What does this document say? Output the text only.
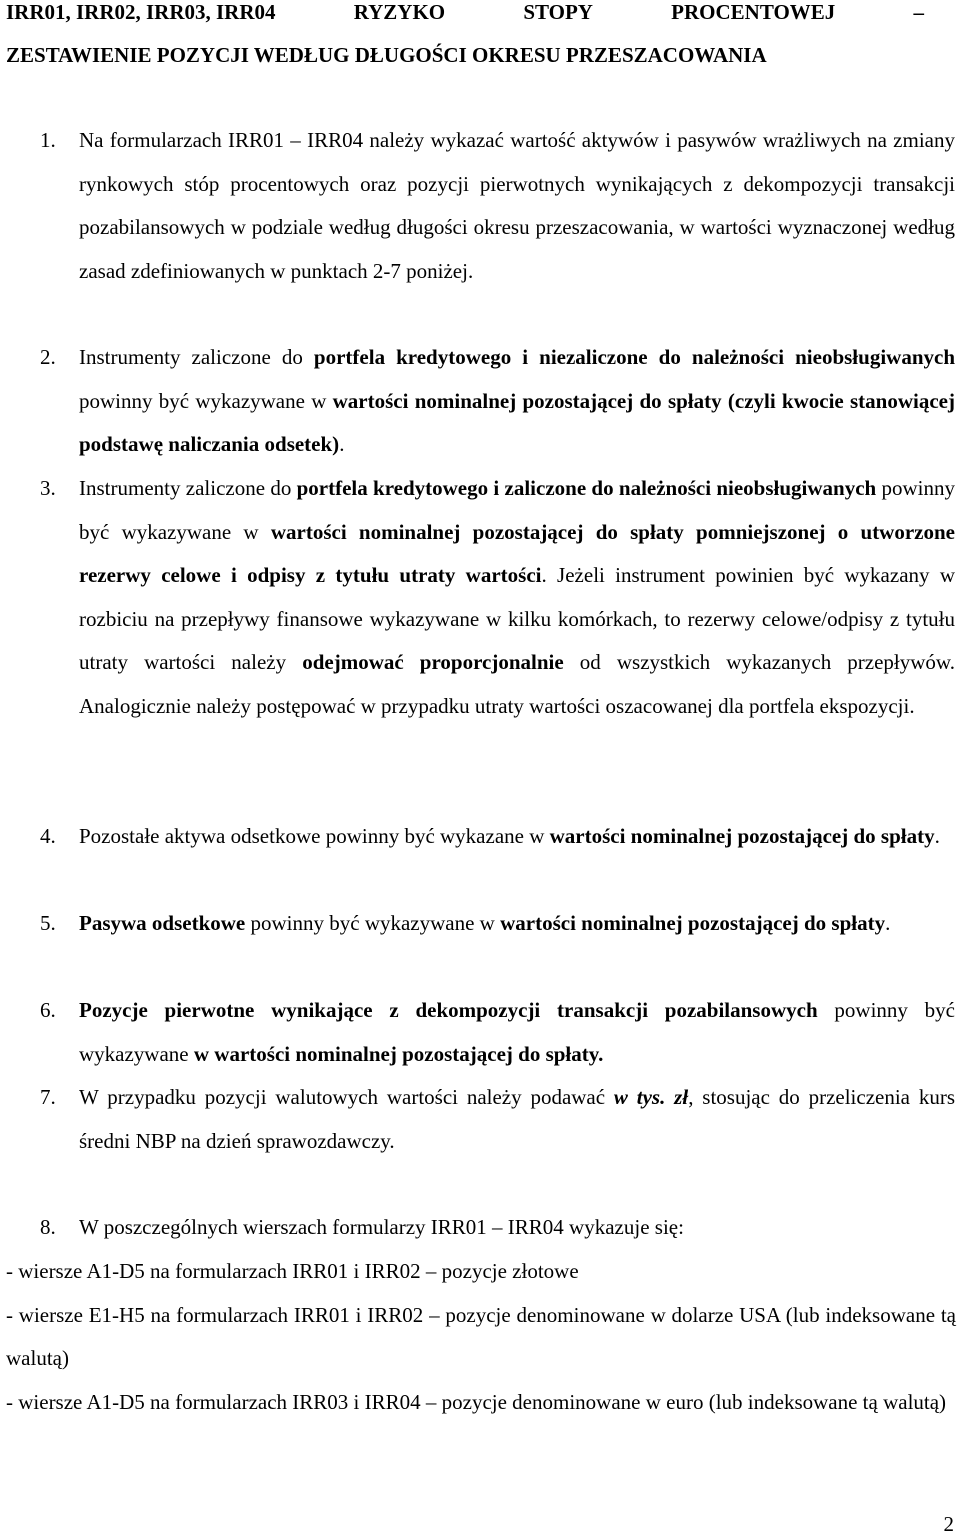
IRR01, IRR02, IRR03, IRR04	RYZYKO	STOPY	PROCENTOWEJ	–
ZESTAWIENIE POZYCJI WEDŁUG DŁUGOŚCI OKRESU PRZESZACOWANIA
1. Na formularzach IRR01 – IRR04 należy wykazać wartość aktywów i pasywów wrażliwych na zmiany rynkowych stóp procentowych oraz pozycji pierwotnych wynikających z dekompozycji transakcji pozabilansowych w podziale według długości okresu przeszacowania, w wartości wyznaczonej według zasad zdefiniowanych w punktach 2-7 poniżej.
2. Instrumenty zaliczone do portfela kredytowego i niezaliczone do należności nieobsługiwanych powinny być wykazywane w wartości nominalnej pozostającej do spłaty (czyli kwocie stanowiącej podstawę naliczania odsetek).
3. Instrumenty zaliczone do portfela kredytowego i zaliczone do należności nieobsługiwanych powinny być wykazywane w wartości nominalnej pozostającej do spłaty pomniejszonej o utworzone rezerwy celowe i odpisy z tytułu utraty wartości. Jeżeli instrument powinien być wykazany w rozbiciu na przepływy finansowe wykazywane w kilku komórkach, to rezerwy celowe/odpisy z tytułu utraty wartości należy odejmować proporcjonalnie od wszystkich wykazanych przepływów. Analogicznie należy postępować w przypadku utraty wartości oszacowanej dla portfela ekspozycji.
4. Pozostałe aktywa odsetkowe powinny być wykazane w wartości nominalnej pozostającej do spłaty.
5. Pasywa odsetkowe powinny być wykazywane w wartości nominalnej pozostającej do spłaty.
6. Pozycje pierwotne wynikające z dekompozycji transakcji pozabilansowych powinny być wykazywane w wartości nominalnej pozostającej do spłaty.
7. W przypadku pozycji walutowych wartości należy podawać w tys. zł, stosując do przeliczenia kurs średni NBP na dzień sprawozdawczy.
8. W poszczególnych wierszach formularzy IRR01 – IRR04 wykazuje się:
- wiersze A1-D5 na formularzach IRR01 i IRR02 – pozycje złotowe
- wiersze E1-H5 na formularzach IRR01 i IRR02 – pozycje denominowane w dolarze USA (lub indeksowane tą walutą)
- wiersze A1-D5 na formularzach IRR03 i IRR04 – pozycje denominowane w euro (lub indeksowane tą walutą)
2
